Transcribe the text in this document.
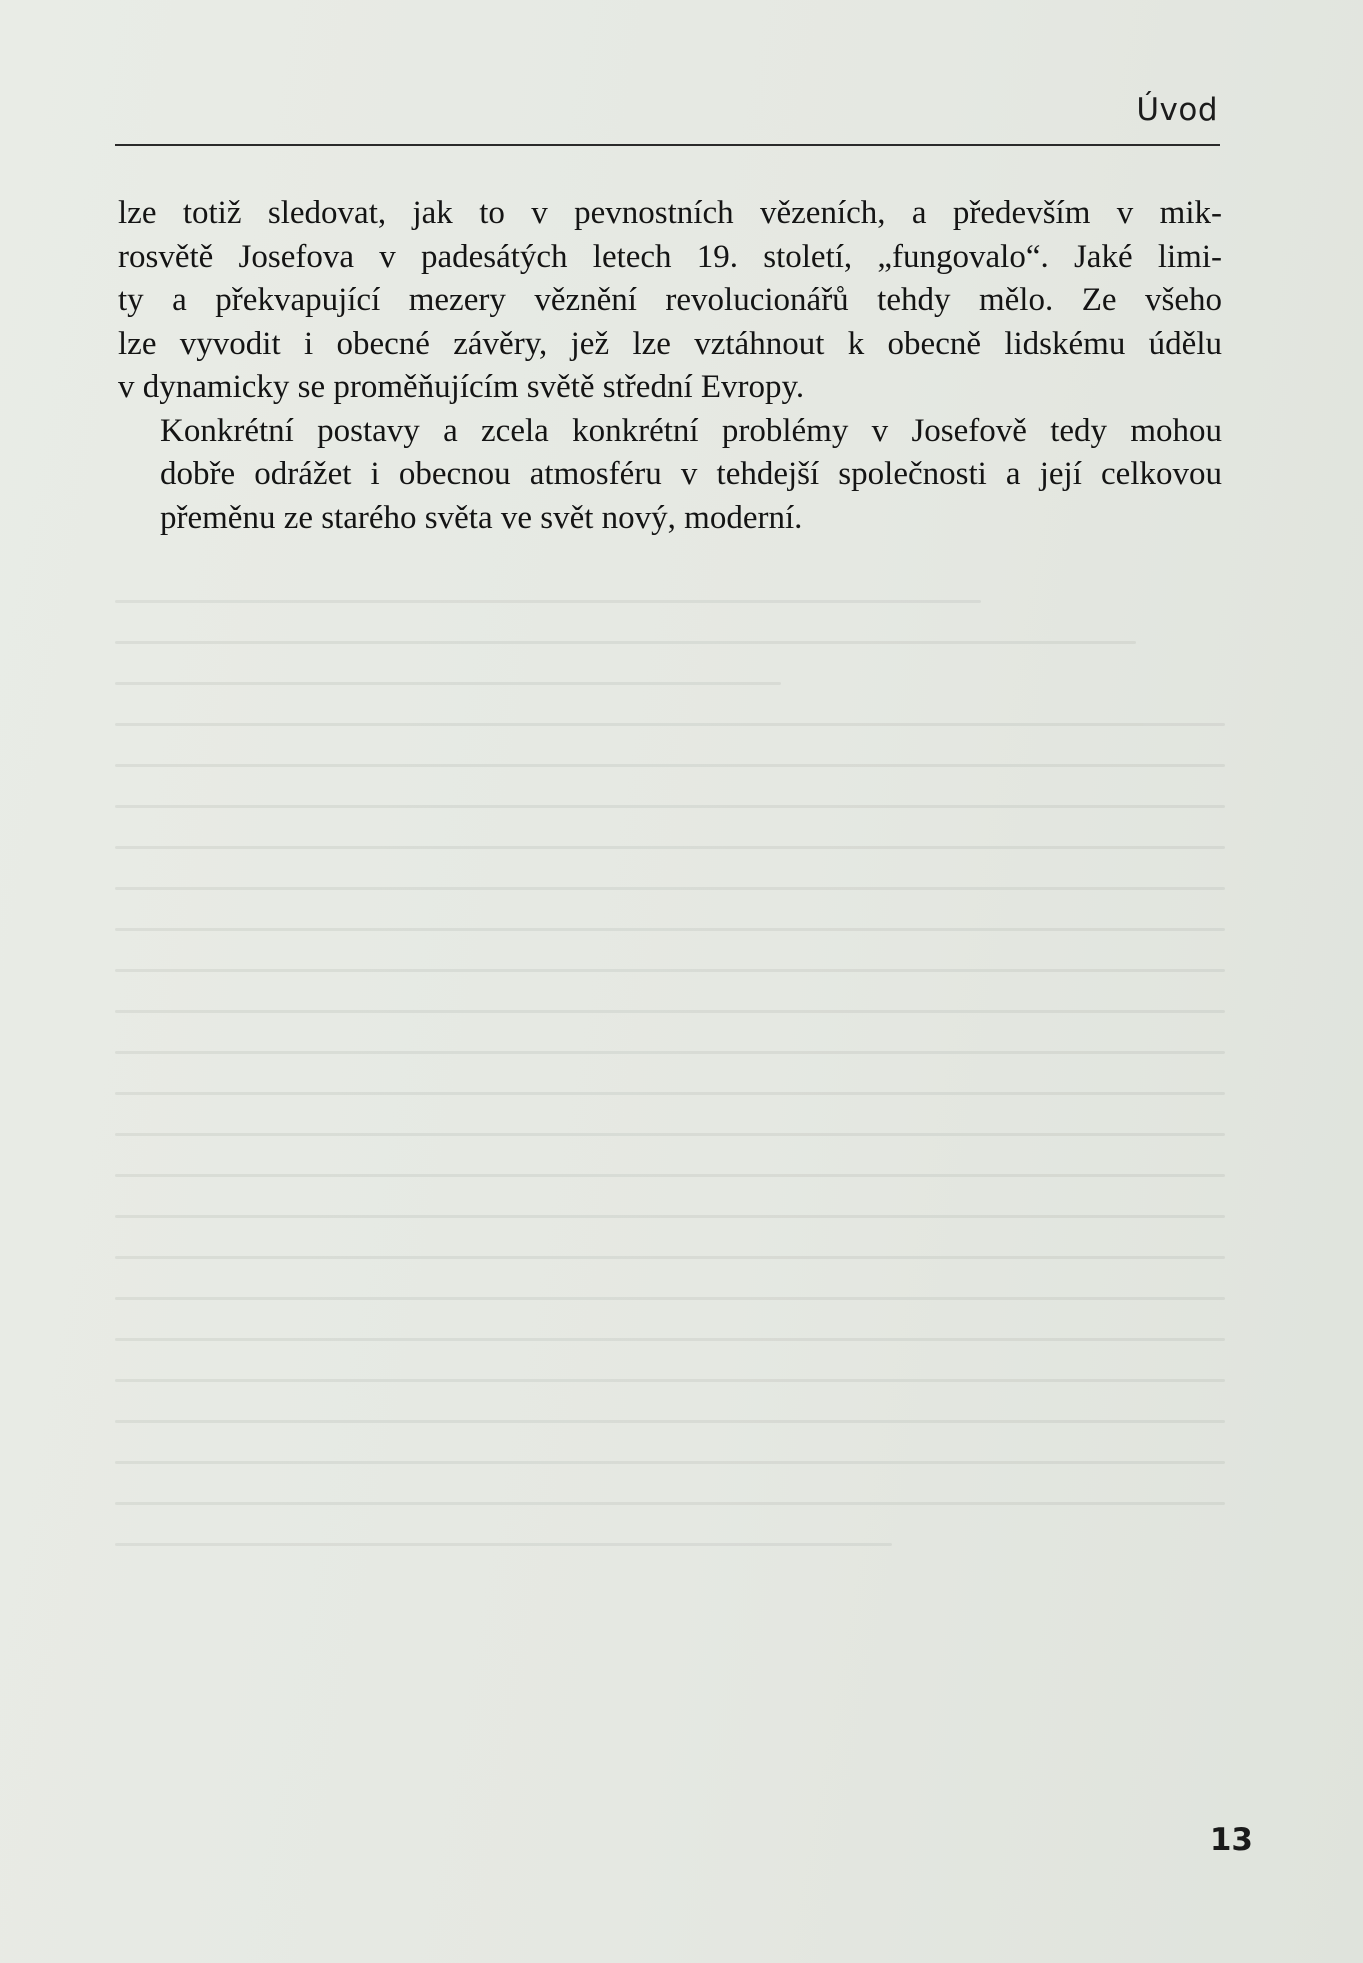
Úvod

lze totiž sledovat, jak to v pevnostních vězeních, a především v mik-
rosvětě Josefova v padesátých letech 19. století, „fungovalo“. Jaké limi-
ty a překvapující mezery věznění revolucionářů tehdy mělo. Ze všeho
lze vyvodit i obecné závěry, jež lze vztáhnout k obecně lidskému údělu
v dynamicky se proměňujícím světě střední Evropy.

Konkrétní postavy a zcela konkrétní problémy v Josefově tedy mohou
dobře odrážet i obecnou atmosféru v tehdejší společnosti a její celkovou
přeměnu ze starého světa ve svět nový, moderní.

13
